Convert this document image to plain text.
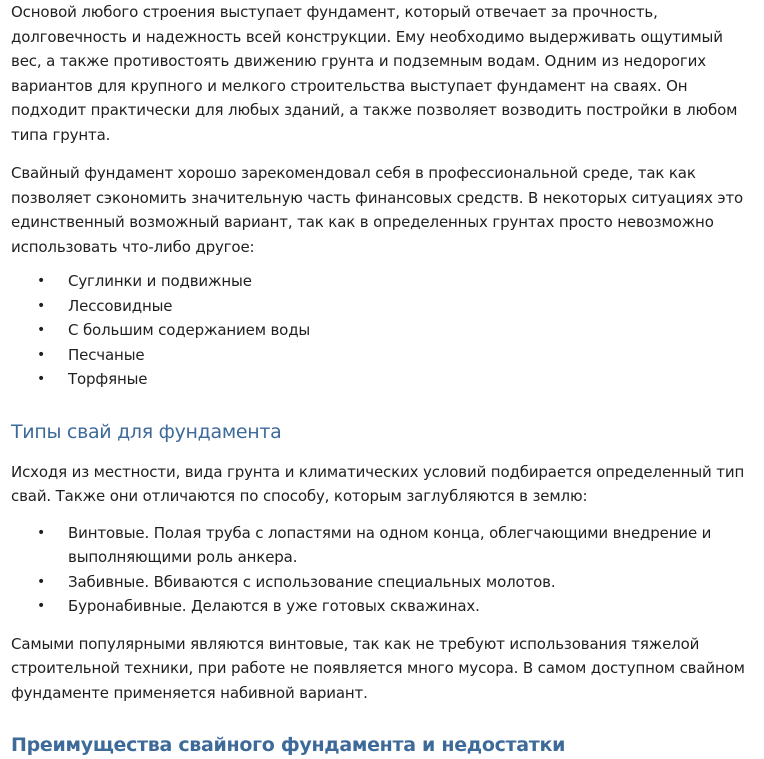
Основой любого строения выступает фундамент, который отвечает за прочность, долговечность и надежность всей конструкции. Ему необходимо выдерживать ощутимый вес, а также противостоять движению грунта и подземным водам. Одним из недорогих вариантов для крупного и мелкого строительства выступает фундамент на сваях. Он подходит практически для любых зданий, а также позволяет возводить постройки в любом типа грунта.

Свайный фундамент хорошо зарекомендовал себя в профессиональной среде, так как позволяет сэкономить значительную часть финансовых средств. В некоторых ситуациях это единственный возможный вариант, так как в определенных грунтах просто невозможно использовать что-либо другое:

• Суглинки и подвижные
• Лессовидные
• С большим содержанием воды
• Песчаные
• Торфяные
Типы свай для фундамента

Исходя из местности, вида грунта и климатических условий подбирается определенный тип свай. Также они отличаются по способу, которым заглубляются в землю:

• Винтовые. Полая труба с лопастями на одном конца, облегчающими внедрение и выполняющими роль анкера.
• Забивные. Вбиваются с использование специальных молотов.
• Буронабивные. Делаются в уже готовых скважинах.

Самыми популярными являются винтовые, так как не требуют использования тяжелой строительной техники, при работе не появляется много мусора. В самом доступном свайном фундаменте применяется набивной вариант.

Преимущества свайного фундамента и недостатки
